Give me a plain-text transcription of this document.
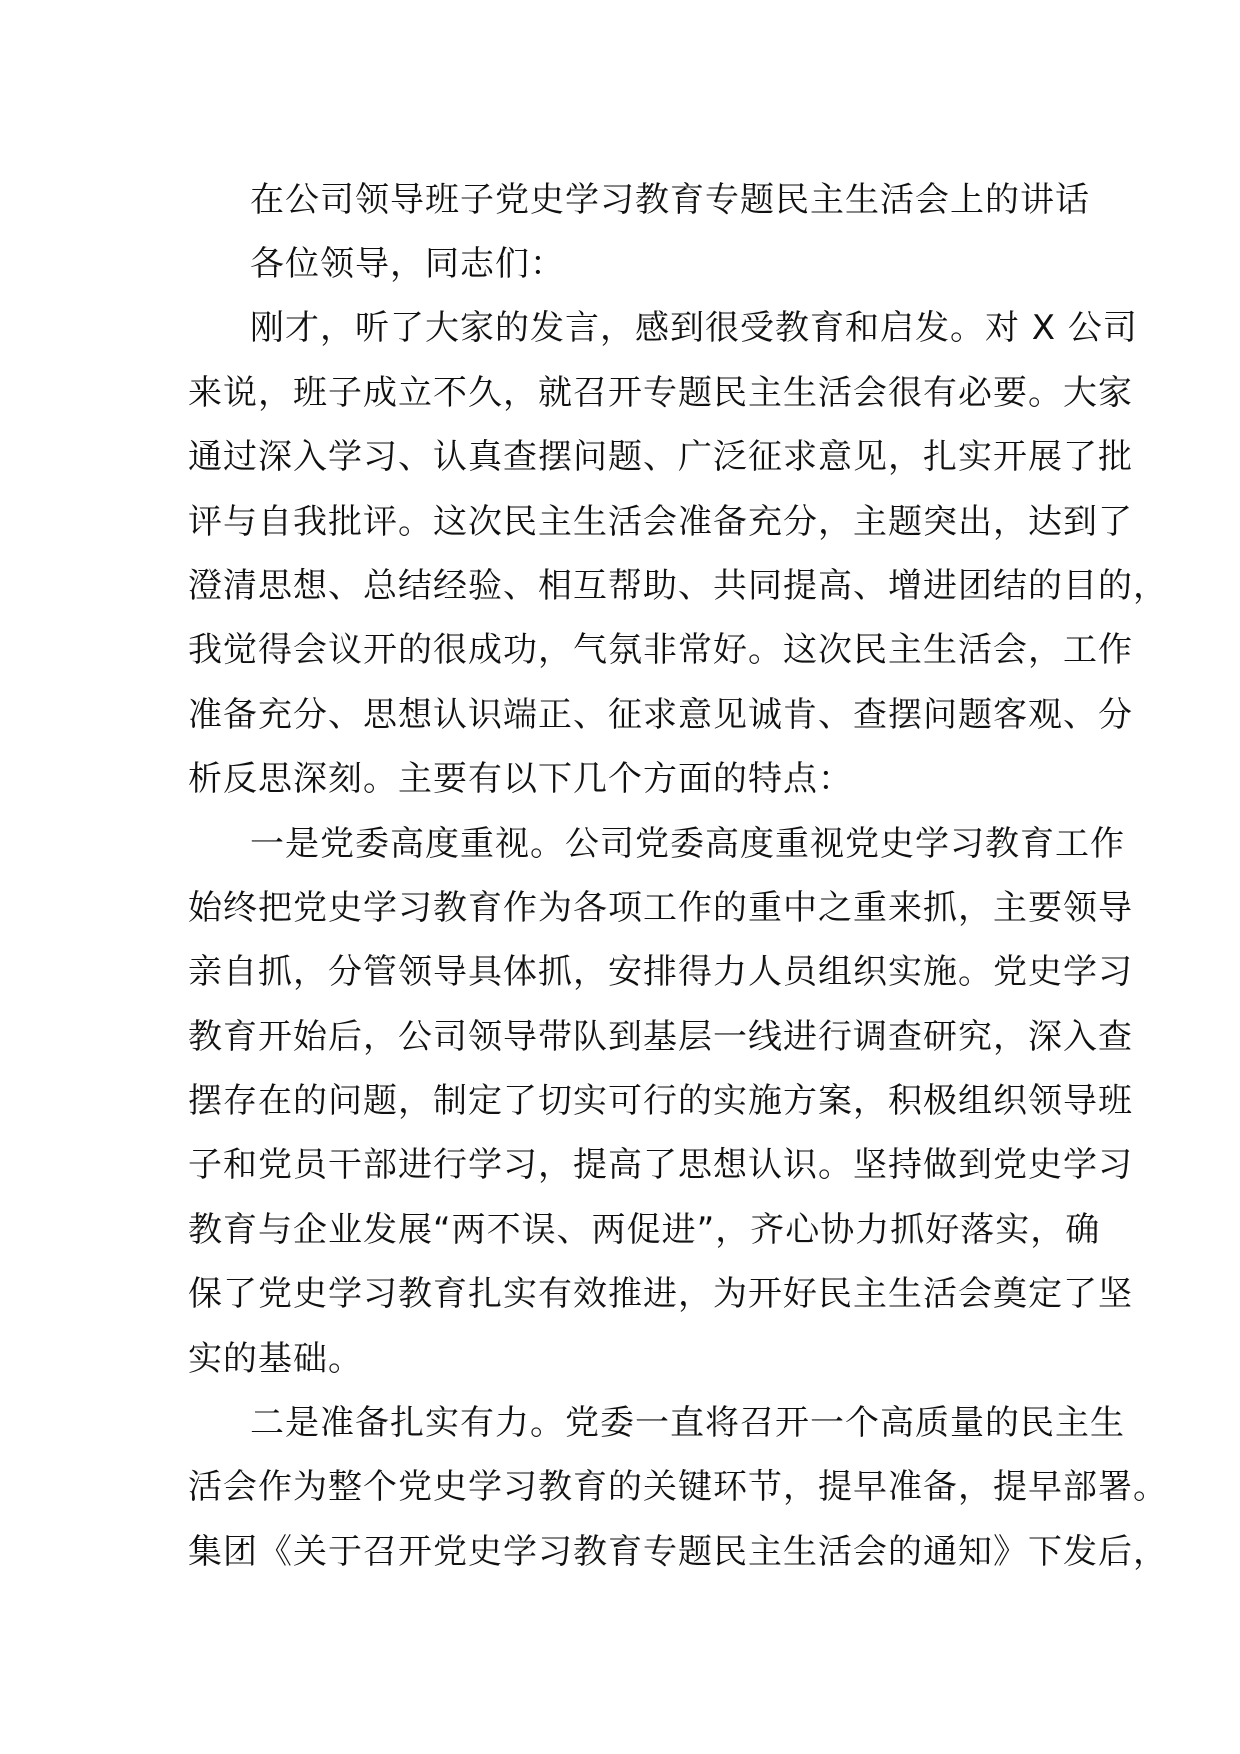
在公司领导班子党史学习教育专题民主生活会上的讲话
各位领导，同志们：
刚才，听了大家的发言，感到很受教育和启发。对 X 公司
来说，班子成立不久，就召开专题民主生活会很有必要。大家
通过深入学习、认真查摆问题、广泛征求意见，扎实开展了批
评与自我批评。这次民主生活会准备充分，主题突出，达到了
澄清思想、总结经验、相互帮助、共同提高、增进团结的目的，
我觉得会议开的很成功，气氛非常好。这次民主生活会，工作
准备充分、思想认识端正、征求意见诚肯、查摆问题客观、分
析反思深刻。主要有以下几个方面的特点：
一是党委高度重视。公司党委高度重视党史学习教育工作
始终把党史学习教育作为各项工作的重中之重来抓，主要领导
亲自抓，分管领导具体抓，安排得力人员组织实施。党史学习
教育开始后，公司领导带队到基层一线进行调查研究，深入查
摆存在的问题，制定了切实可行的实施方案，积极组织领导班
子和党员干部进行学习，提高了思想认识。坚持做到党史学习
教育与企业发展“两不误、两促进”，齐心协力抓好落实，确
保了党史学习教育扎实有效推进，为开好民主生活会奠定了坚
实的基础。
二是准备扎实有力。党委一直将召开一个高质量的民主生
活会作为整个党史学习教育的关键环节，提早准备，提早部署。
集团《关于召开党史学习教育专题民主生活会的通知》下发后，
